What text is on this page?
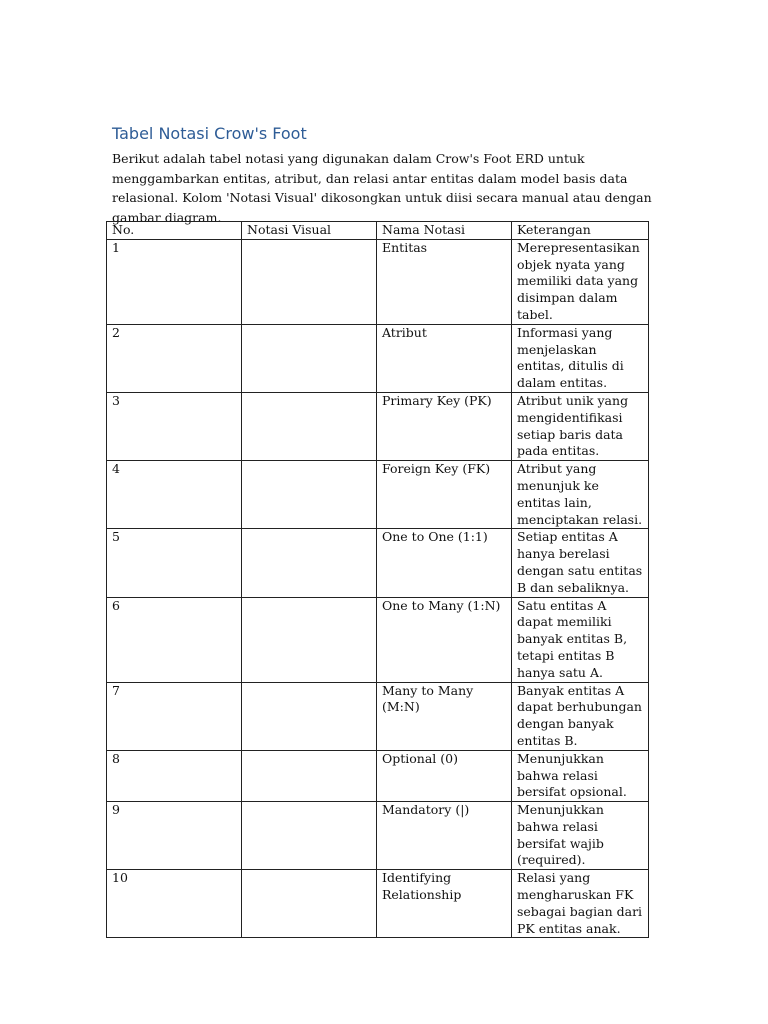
Tabel Notasi Crow's Foot

Berikut adalah tabel notasi yang digunakan dalam Crow's Foot ERD untuk menggambarkan entitas, atribut, dan relasi antar entitas dalam model basis data relasional. Kolom 'Notasi Visual' dikosongkan untuk diisi secara manual atau dengan gambar diagram.

No.	Notasi Visual	Nama Notasi	Keterangan
1		Entitas	Merepresentasikan objek nyata yang memiliki data yang disimpan dalam tabel.
2		Atribut	Informasi yang menjelaskan entitas, ditulis di dalam entitas.
3		Primary Key (PK)	Atribut unik yang mengidentifikasi setiap baris data pada entitas.
4		Foreign Key (FK)	Atribut yang menunjuk ke entitas lain, menciptakan relasi.
5		One to One (1:1)	Setiap entitas A hanya berelasi dengan satu entitas B dan sebaliknya.
6		One to Many (1:N)	Satu entitas A dapat memiliki banyak entitas B, tetapi entitas B hanya satu A.
7		Many to Many (M:N)	Banyak entitas A dapat berhubungan dengan banyak entitas B.
8		Optional (0)	Menunjukkan bahwa relasi bersifat opsional.
9		Mandatory (|)	Menunjukkan bahwa relasi bersifat wajib (required).
10		Identifying Relationship	Relasi yang mengharuskan FK sebagai bagian dari PK entitas anak.
